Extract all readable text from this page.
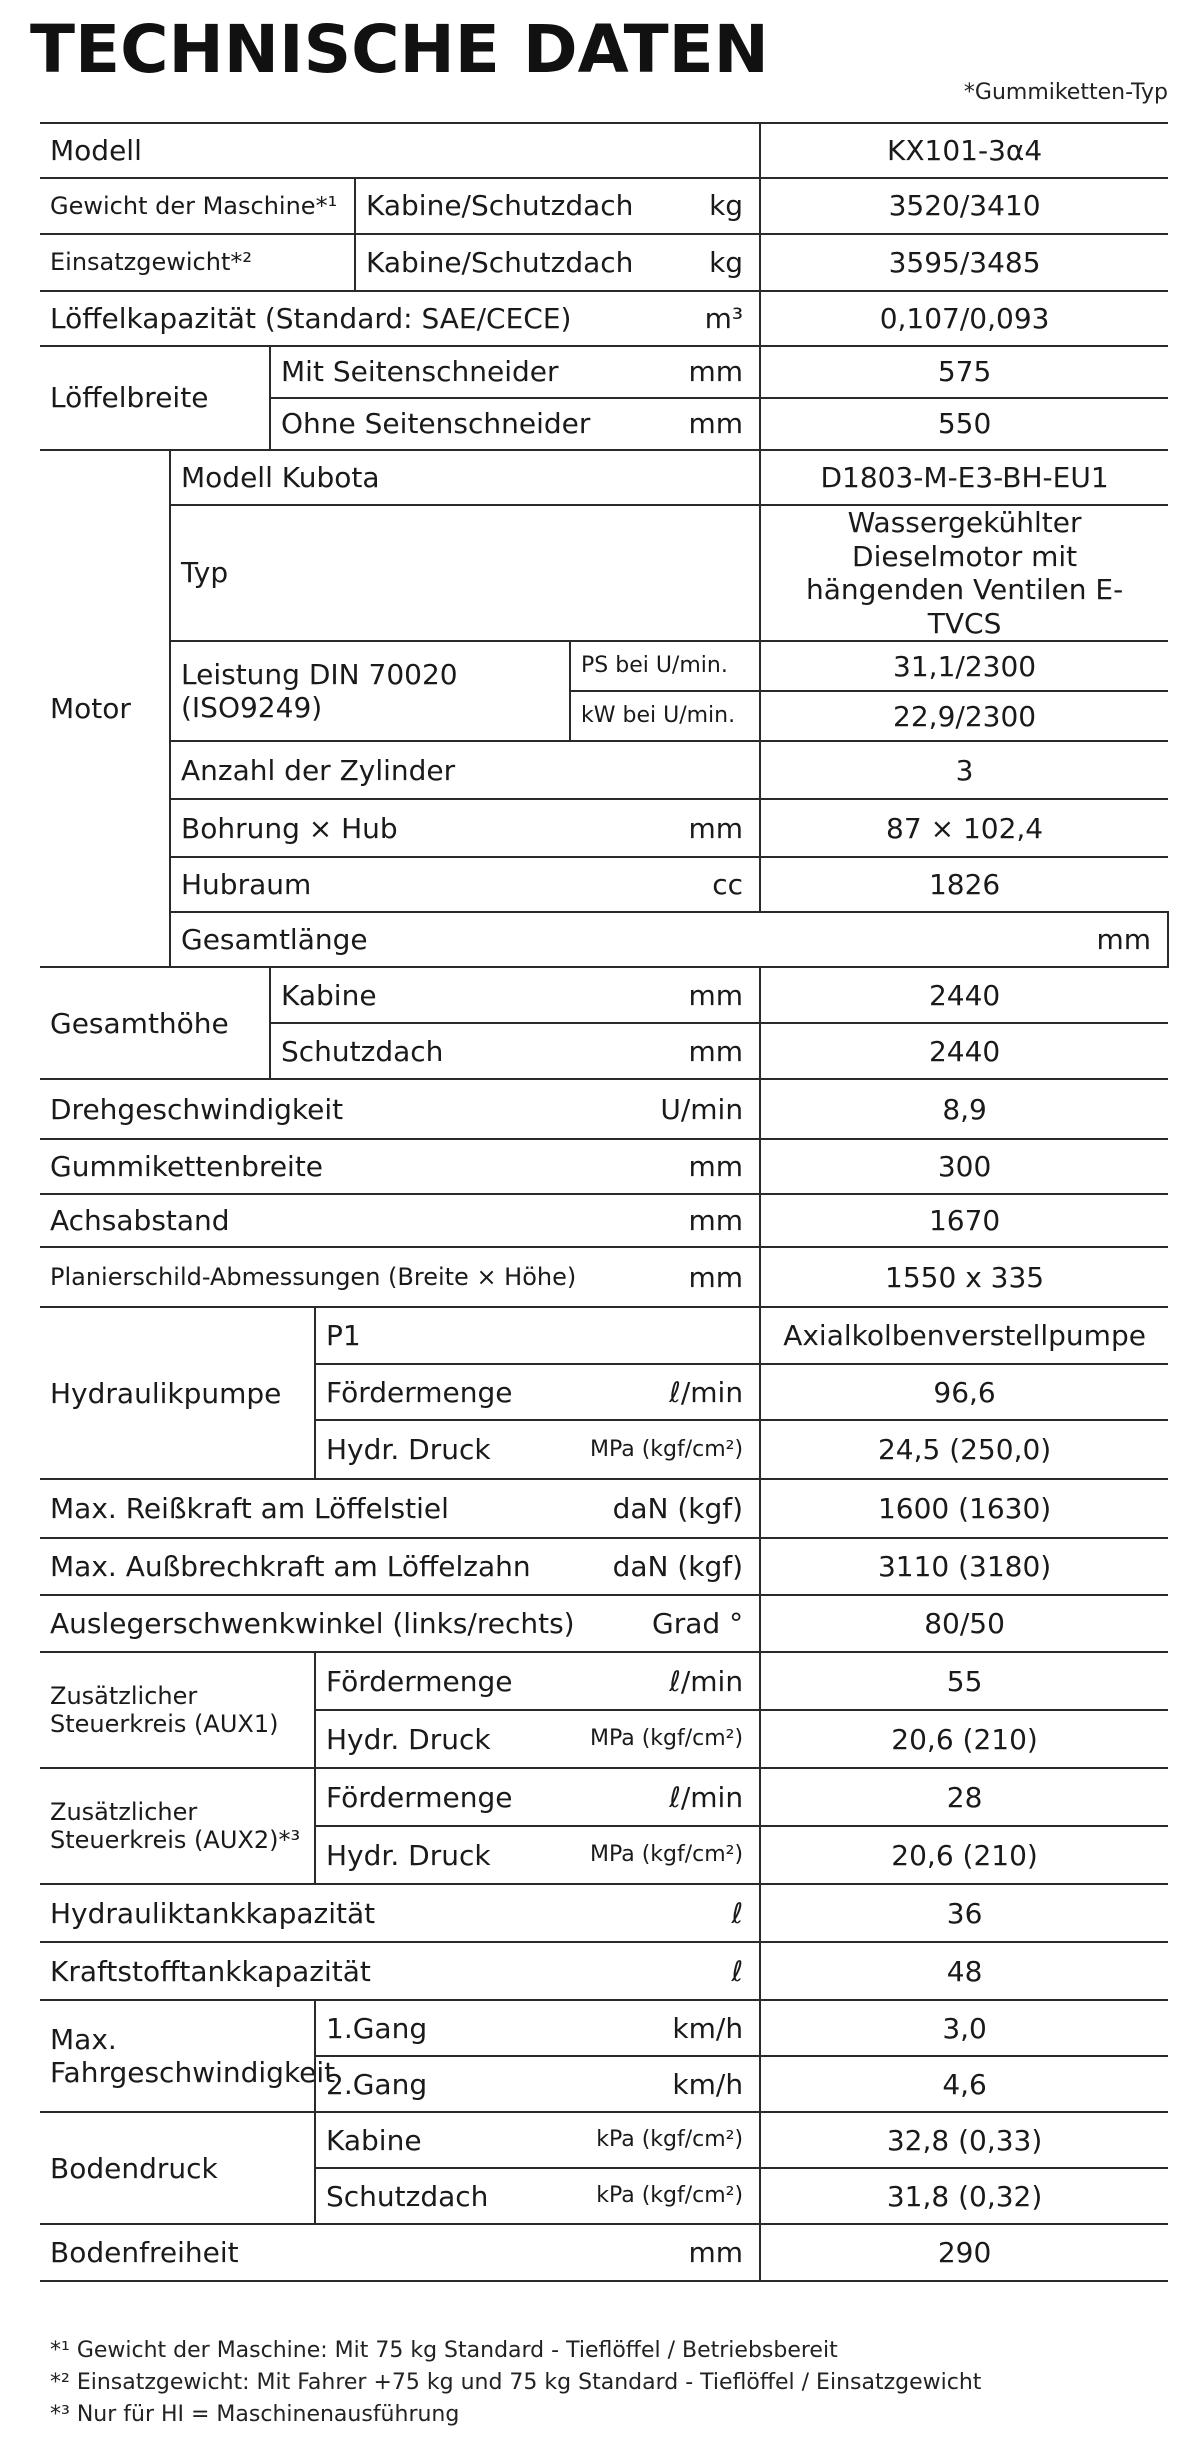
TECHNISCHE DATEN
*Gummiketten-Typ
Modell						KX101-3α4	
Gewicht der Maschine*¹				Kabine/Schutzdach	kg	3520/3410	
Einsatzgewicht*²				Kabine/Schutzdach	kg	3595/3485	
Löffelkapazität (Standard: SAE/CECE)					m³	0,107/0,093	
Löffelbreite		Mit Seitenschneider			mm	575	
		Ohne Seitenschneider			mm	550	
Motor	Modell Kubota					D1803-M-E3-BH-EU1	
	Typ					Wassergekühlter Dieselmotor mit hängenden Ventilen E-TVCS	
	Leistung DIN 70020 (ISO9249)				PS bei U/min.	31,1/2300	
					kW bei U/min.	22,9/2300	
	Anzahl der Zylinder					3	
	Bohrung × Hub				mm	87 × 102,4	
	Hubraum				cc	1826	
	Gesamtlänge					mm	
Gesamthöhe		Kabine			mm	2440	
		Schutzdach			mm	2440	
Drehgeschwindigkeit					U/min	8,9	
Gummikettenbreite					mm	300	
Achsabstand					mm	1670	
Planierschild-Abmessungen (Breite × Höhe)					mm	1550 x 335	
Hydraulikpumpe			P1			Axialkolbenverstellpumpe	
			Fördermenge		ℓ/min	96,6	
			Hydr. Druck		MPa (kgf/cm²)	24,5 (250,0)	
Max. Reißkraft am Löffelstiel					daN (kgf)	1600 (1630)	
Max. Außbrechkraft am Löffelzahn					daN (kgf)	3110 (3180)	
Auslegerschwenkwinkel (links/rechts)					Grad °	80/50	
Zusätzlicher Steuerkreis (AUX1)			Fördermenge		ℓ/min	55	
			Hydr. Druck		MPa (kgf/cm²)	20,6 (210)	
Zusätzlicher Steuerkreis (AUX2)*³			Fördermenge		ℓ/min	28	
			Hydr. Druck		MPa (kgf/cm²)	20,6 (210)	
Hydrauliktankkapazität					ℓ	36	
Kraftstofftankkapazität					ℓ	48	
Max. Fahrgeschwindigkeit			1.Gang		km/h	3,0	
			2.Gang		km/h	4,6	
Bodendruck			Kabine		kPa (kgf/cm²)	32,8 (0,33)	
			Schutzdach		kPa (kgf/cm²)	31,8 (0,32)	
Bodenfreiheit					mm	290	
*¹ Gewicht der Maschine: Mit 75 kg Standard - Tieflöffel / Betriebsbereit
*² Einsatzgewicht: Mit Fahrer +75 kg und 75 kg Standard - Tieflöffel / Einsatzgewicht
*³ Nur für HI = Maschinenausführung
